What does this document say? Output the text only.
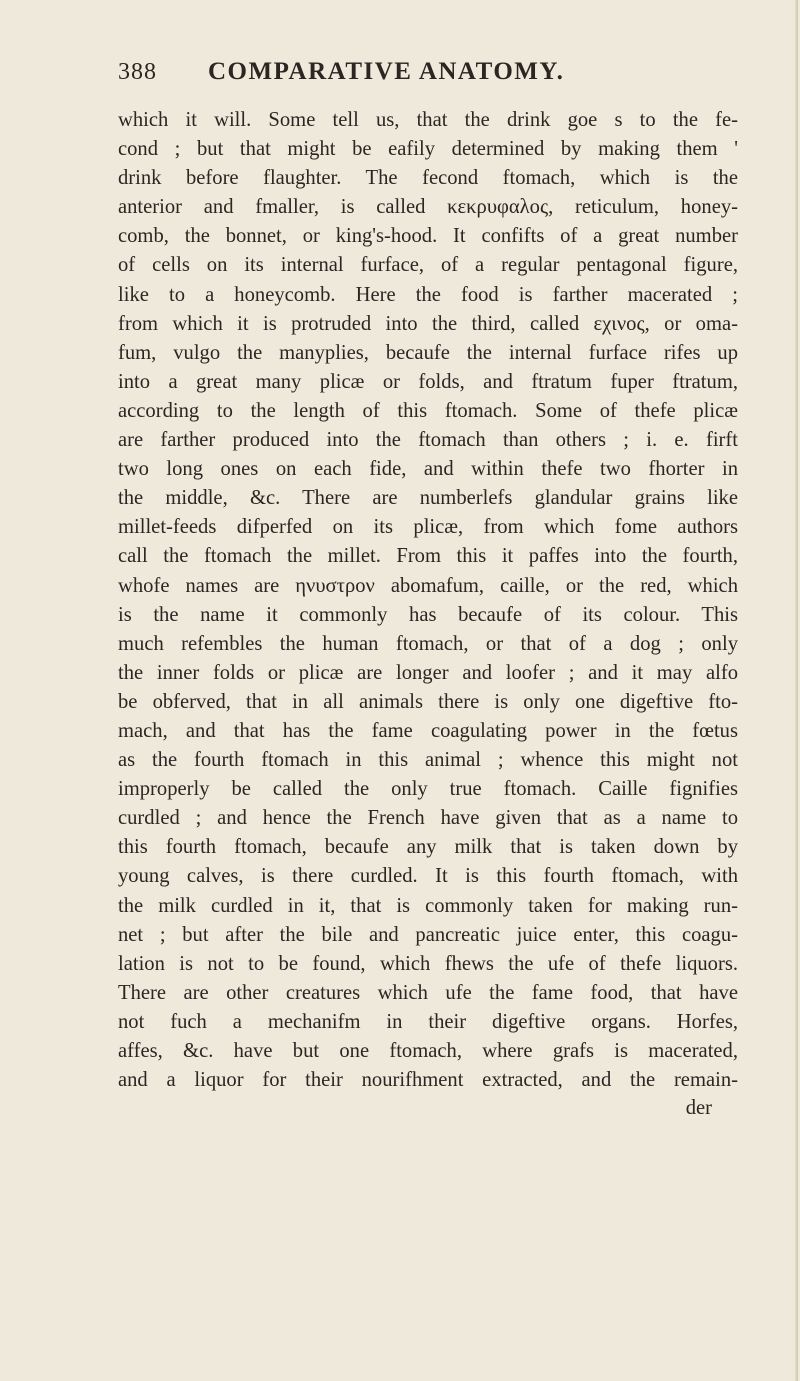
388	COMPARATIVE ANATOMY.
which it will. Some tell us, that the drink goe s to the fe-
cond ; but that might be eafily determined by making them '
drink before flaughter. The fecond ftomach, which is the
anterior and fmaller, is called κεκρυφαλος, reticulum, honey-
comb, the bonnet, or king's-hood. It confifts of a great number
of cells on its internal furface, of a regular pentagonal figure,
like to a honeycomb. Here the food is farther macerated ;
from which it is protruded into the third, called εχινος, or oma-
fum, vulgo the manyplies, becaufe the internal furface rifes up
into a great many plicæ or folds, and ftratum fuper ftratum,
according to the length of this ftomach. Some of thefe plicæ
are farther produced into the ftomach than others ; i. e. firft
two long ones on each fide, and within thefe two fhorter in
the middle, &c. There are numberlefs glandular grains like
millet-feeds difperfed on its plicæ, from which fome authors
call the ftomach the millet. From this it paffes into the fourth,
whofe names are ηνυστρον abomafum, caille, or the red, which
is the name it commonly has becaufe of its colour. This
much refembles the human ftomach, or that of a dog ; only
the inner folds or plicæ are longer and loofer ; and it may alfo
be obferved, that in all animals there is only one digeftive fto-
mach, and that has the fame coagulating power in the fœtus
as the fourth ftomach in this animal ; whence this might not
improperly be called the only true ftomach. Caille fignifies
curdled ; and hence the French have given that as a name to
this fourth ftomach, becaufe any milk that is taken down by
young calves, is there curdled. It is this fourth ftomach, with
the milk curdled in it, that is commonly taken for making run-
net ; but after the bile and pancreatic juice enter, this coagu-
lation is not to be found, which fhews the ufe of thefe liquors.
There are other creatures which ufe the fame food, that have
not fuch a mechanifm in their digeftive organs. Horfes,
affes, &c. have but one ftomach, where grafs is macerated,
and a liquor for their nourifhment extracted, and the remain-
der
